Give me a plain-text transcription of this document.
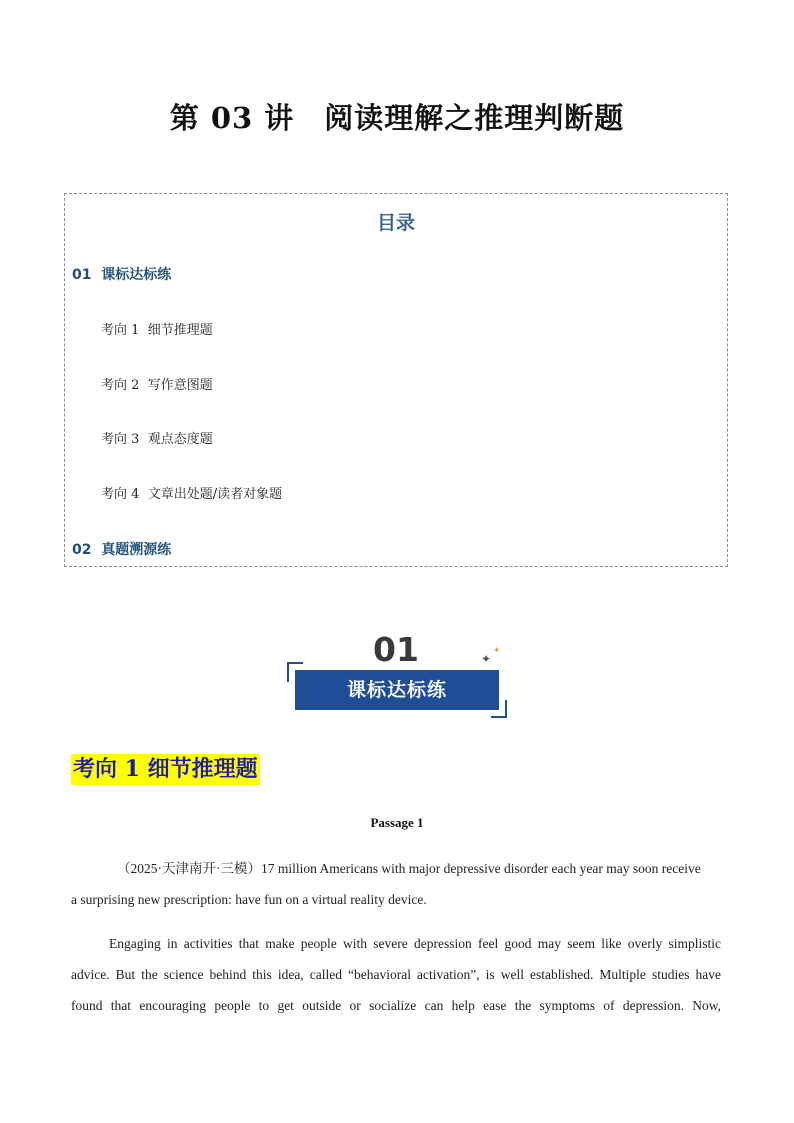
第 03 讲　阅读理解之推理判断题
目录
01 课标达标练
考向 1 细节推理题
考向 2 写作意图题
考向 3 观点态度题
考向 4 文章出处题/读者对象题
02 真题溯源练
01
课标达标练
✦
✦
考向 1 细节推理题
Passage 1
（2025·天津南开·三模）17 million Americans with major depressive disorder each year may soon receive
a surprising new prescription: have fun on a virtual reality device.
Engaging in activities that make people with severe depression feel good may seem like overly simplistic
advice. But the science behind this idea, called “behavioral activation”, is well established. Multiple studies have
found that encouraging people to get outside or socialize can help ease the symptoms of depression. Now,
